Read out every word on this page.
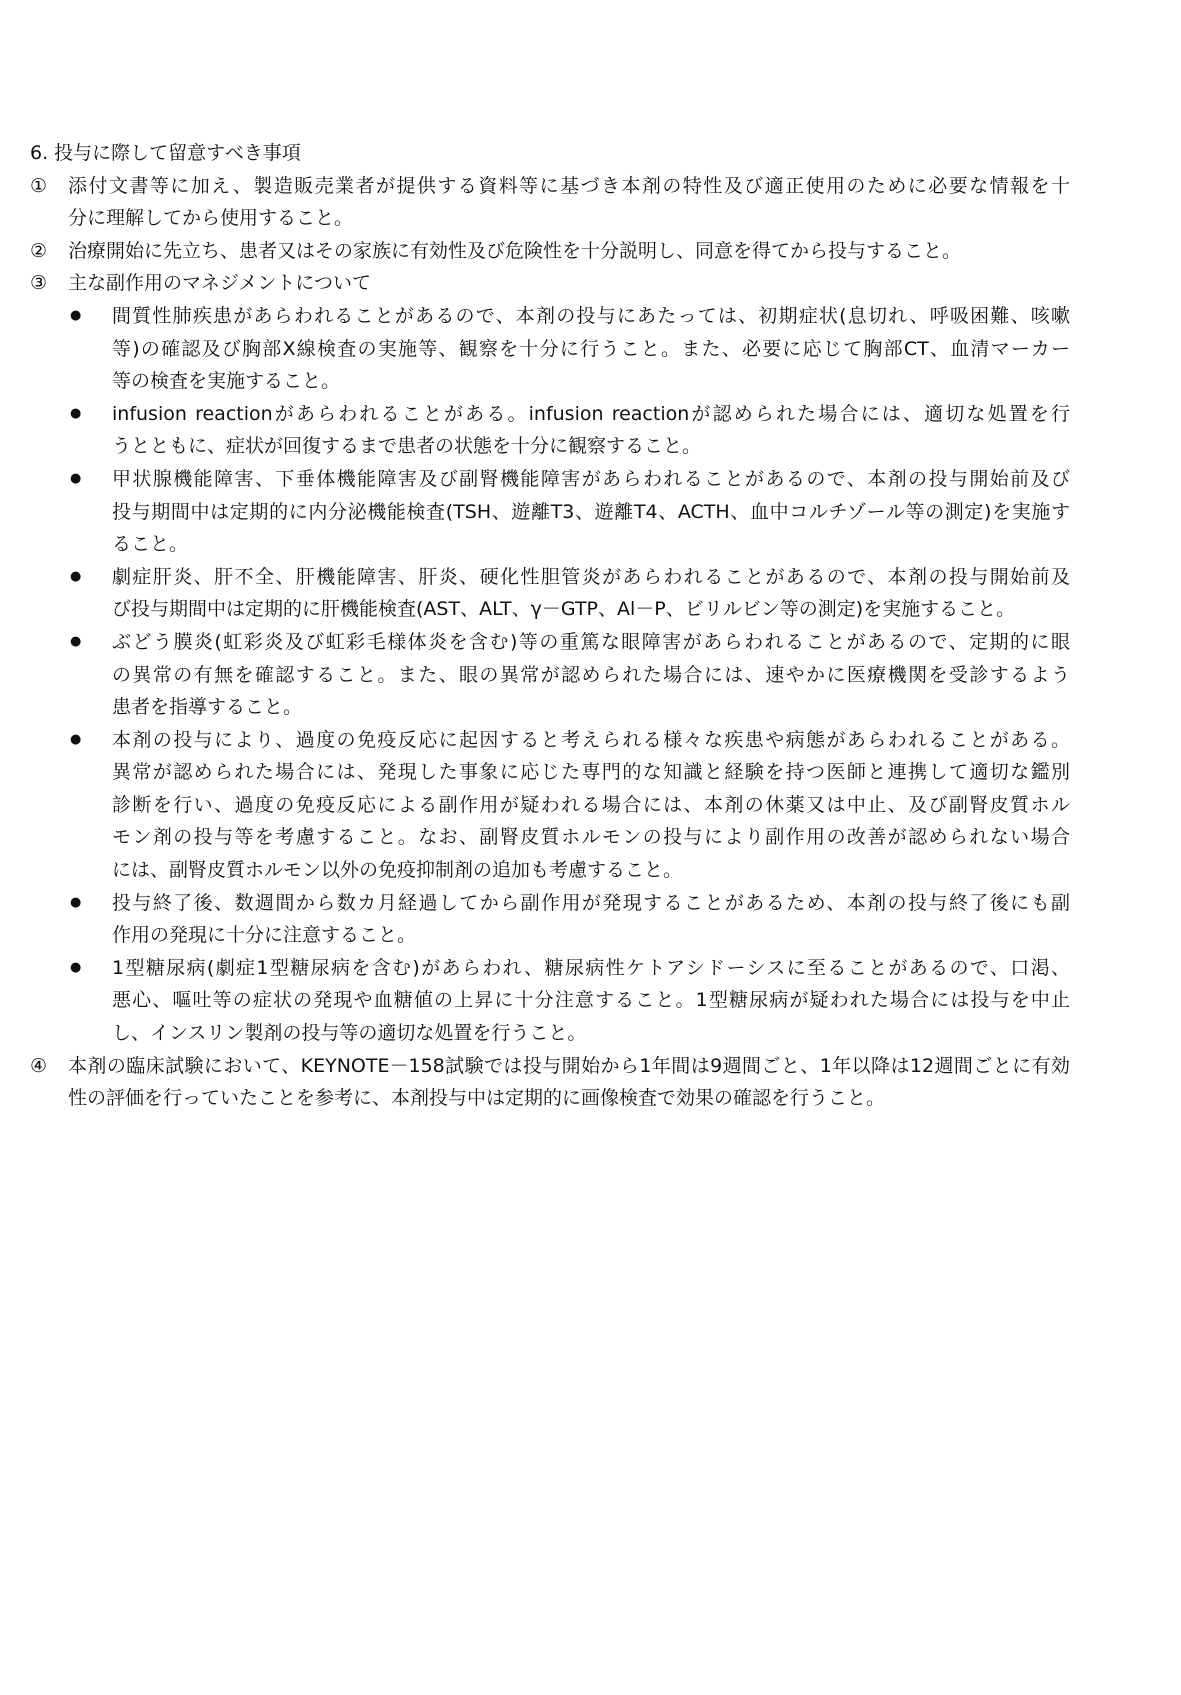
6. 投与に際して留意すべき事項
①	添付文書等に加え、製造販売業者が提供する資料等に基づき本剤の特性及び適正使用のために必要な情報を十
分に理解してから使用すること。
②	治療開始に先立ち、患者又はその家族に有効性及び危険性を十分説明し、同意を得てから投与すること。
③	主な副作用のマネジメントについて
● 間質性肺疾患があらわれることがあるので、本剤の投与にあたっては、初期症状(息切れ、呼吸困難、咳嗽
等)の確認及び胸部X線検査の実施等、観察を十分に行うこと。また、必要に応じて胸部CT、血清マーカー
等の検査を実施すること。
● infusion reactionがあらわれることがある。infusion reactionが認められた場合には、適切な処置を行
うとともに、症状が回復するまで患者の状態を十分に観察すること。
● 甲状腺機能障害、下垂体機能障害及び副腎機能障害があらわれることがあるので、本剤の投与開始前及び
投与期間中は定期的に内分泌機能検査(TSH、遊離T3、遊離T4、ACTH、血中コルチゾール等の測定)を実施す
ること。
● 劇症肝炎、肝不全、肝機能障害、肝炎、硬化性胆管炎があらわれることがあるので、本剤の投与開始前及
び投与期間中は定期的に肝機能検査(AST、ALT、γ－GTP、Al－P、ビリルビン等の測定)を実施すること。
● ぶどう膜炎(虹彩炎及び虹彩毛様体炎を含む)等の重篤な眼障害があらわれることがあるので、定期的に眼
の異常の有無を確認すること。また、眼の異常が認められた場合には、速やかに医療機関を受診するよう
患者を指導すること。
● 本剤の投与により、過度の免疫反応に起因すると考えられる様々な疾患や病態があらわれることがある。
異常が認められた場合には、発現した事象に応じた専門的な知識と経験を持つ医師と連携して適切な鑑別
診断を行い、過度の免疫反応による副作用が疑われる場合には、本剤の休薬又は中止、及び副腎皮質ホル
モン剤の投与等を考慮すること。なお、副腎皮質ホルモンの投与により副作用の改善が認められない場合
には、副腎皮質ホルモン以外の免疫抑制剤の追加も考慮すること。
● 投与終了後、数週間から数カ月経過してから副作用が発現することがあるため、本剤の投与終了後にも副
作用の発現に十分に注意すること。
● 1型糖尿病(劇症1型糖尿病を含む)があらわれ、糖尿病性ケトアシドーシスに至ることがあるので、口渇、
悪心、嘔吐等の症状の発現や血糖値の上昇に十分注意すること。1型糖尿病が疑われた場合には投与を中止
し、インスリン製剤の投与等の適切な処置を行うこと。
④	本剤の臨床試験において、KEYNOTE－158試験では投与開始から1年間は9週間ごと、1年以降は12週間ごとに有効
性の評価を行っていたことを参考に、本剤投与中は定期的に画像検査で効果の確認を行うこと。
